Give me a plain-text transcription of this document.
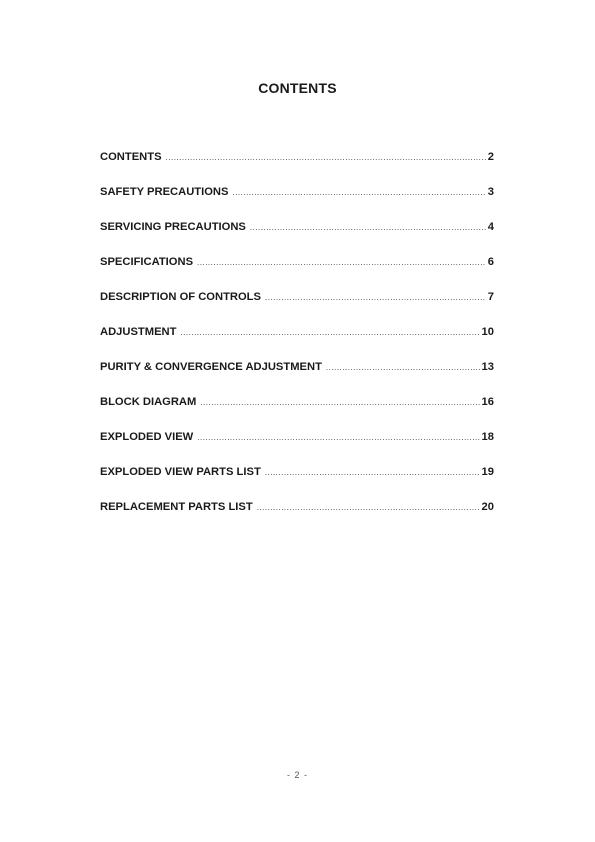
CONTENTS
CONTENTS .....	2
SAFETY PRECAUTIONS .....	3
SERVICING PRECAUTIONS .....	4
SPECIFICATIONS .....	6
DESCRIPTION OF CONTROLS .....	7
ADJUSTMENT .....	10
PURITY & CONVERGENCE ADJUSTMENT .....	13
BLOCK DIAGRAM .....	16
EXPLODED VIEW .....	18
EXPLODED VIEW PARTS LIST .....	19
REPLACEMENT PARTS LIST .....	20
- 2 -
